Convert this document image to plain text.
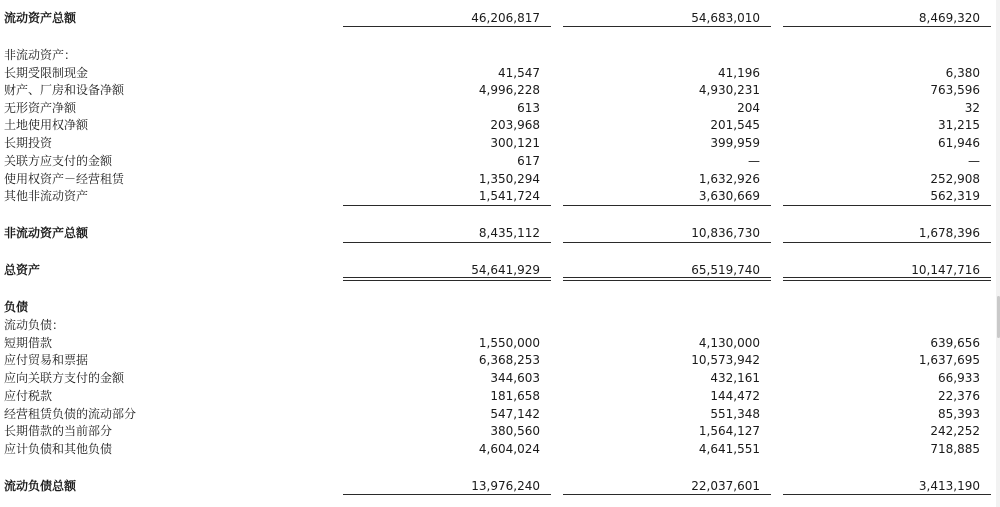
流动资产总额	46,206,817	54,683,010	8,469,320
非流动资产：
长期受限制现金	41,547	41,196	6,380
财产、厂房和设备净额	4,996,228	4,930,231	763,596
无形资产净额	613	204	32
土地使用权净额	203,968	201,545	31,215
长期投资	300,121	399,959	61,946
关联方应支付的金额	617	—	—
使用权资产－经营租赁	1,350,294	1,632,926	252,908
其他非流动资产	1,541,724	3,630,669	562,319
非流动资产总额	8,435,112	10,836,730	1,678,396
总资产	54,641,929	65,519,740	10,147,716
负债
流动负债：
短期借款	1,550,000	4,130,000	639,656
应付贸易和票据	6,368,253	10,573,942	1,637,695
应向关联方支付的金额	344,603	432,161	66,933
应付税款	181,658	144,472	22,376
经营租赁负债的流动部分	547,142	551,348	85,393
长期借款的当前部分	380,560	1,564,127	242,252
应计负债和其他负债	4,604,024	4,641,551	718,885
流动负债总额	13,976,240	22,037,601	3,413,190
